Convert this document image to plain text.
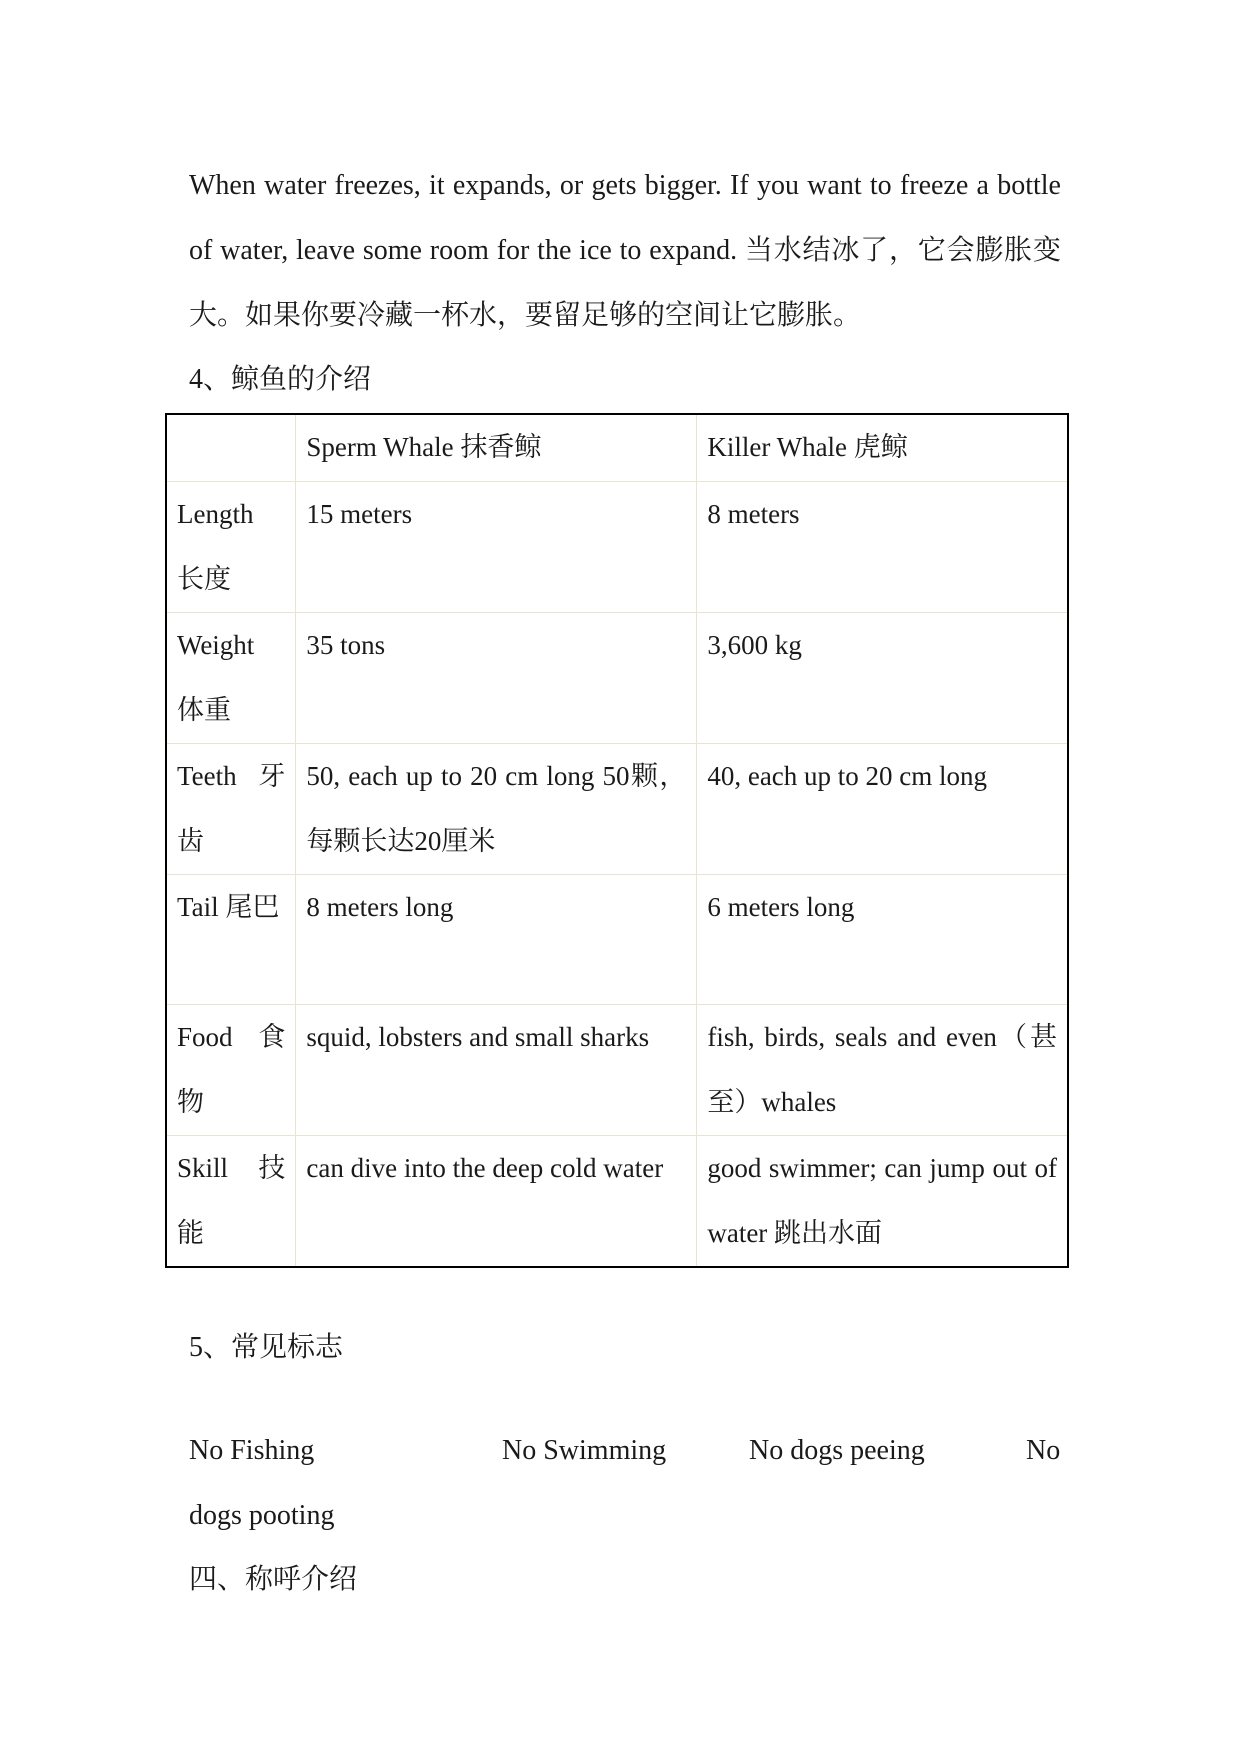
When water freezes, it expands, or gets bigger. If you want to freeze a bottle of water, leave some room for the ice to expand. 当水结冰了，它会膨胀变大。如果你要冷藏一杯水，要留足够的空间让它膨胀。
4、鲸鱼的介绍
	Sperm Whale 抹香鲸	Killer Whale 虎鲸
Length 长度	15 meters	8 meters
Weight 体重	35 tons	3,600 kg
Teeth 牙齿	50, each up to 20 cm long 50颗，每颗长达20厘米	40, each up to 20 cm long
Tail 尾巴	8 meters long	6 meters long
Food 食物	squid, lobsters and small sharks	fish, birds, seals and even（甚至）whales
Skill 技能	can dive into the deep cold water	good swimmer; can jump out of water 跳出水面
5、常见标志
No Fishing	No Swimming	No dogs peeing	No
dogs pooting
四、称呼介绍
